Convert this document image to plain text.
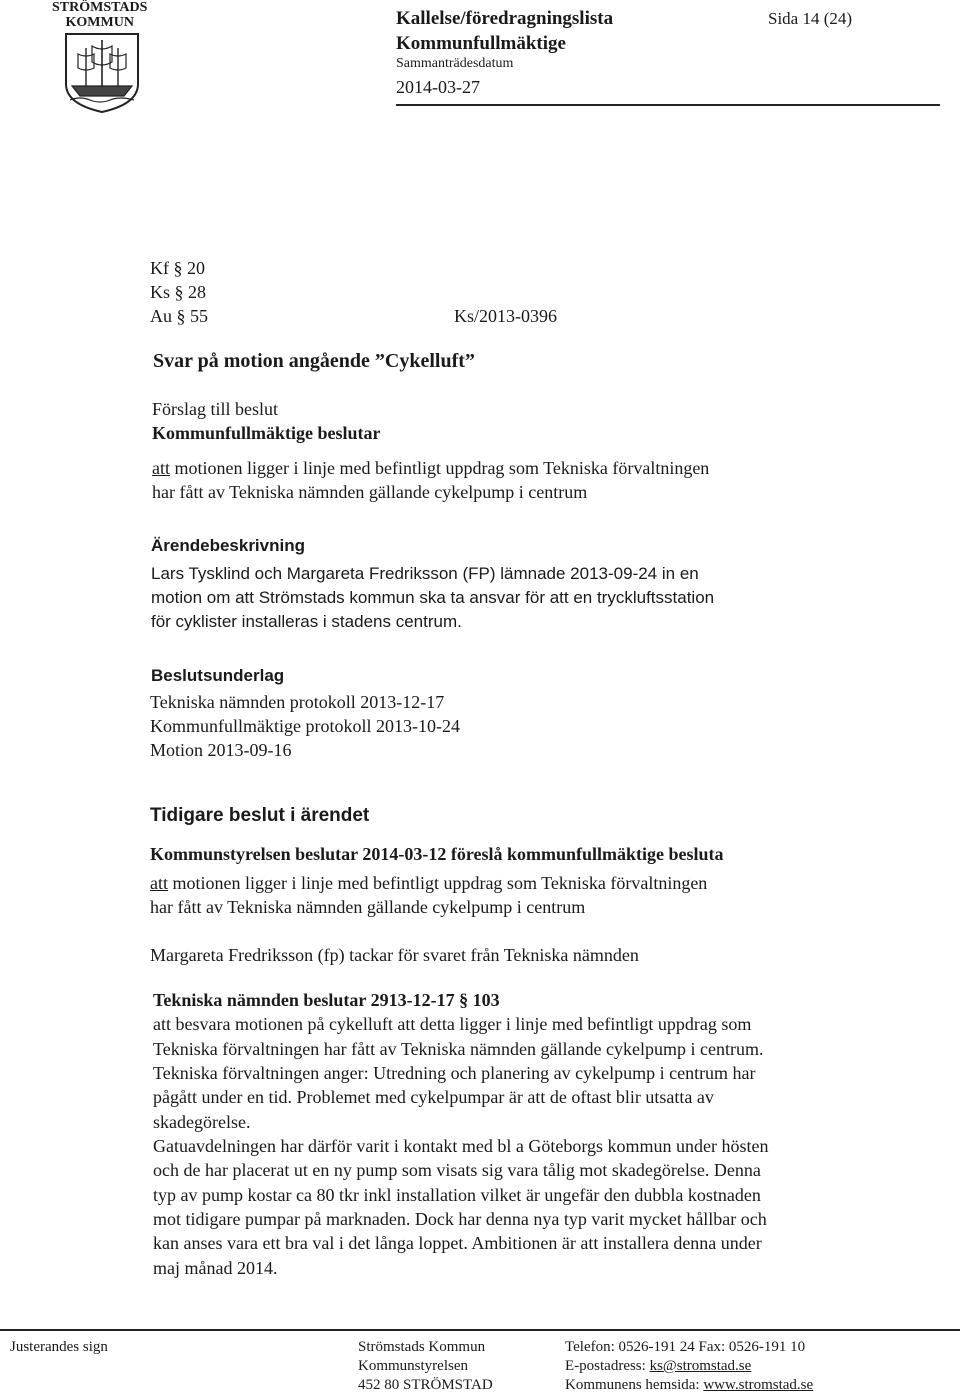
STRÖMSTADS
KOMMUN	Kallelse/föredragningslista
Kommunfullmäktige
Sammanträdesdatum
2014-03-27
Sida 14 (24)
Kf § 20
Ks § 28
Au § 55	Ks/2013-0396
Svar på motion angående ”Cykelluft”
Förslag till beslut
Kommunfullmäktige beslutar
att motionen ligger i linje med befintligt uppdrag som Tekniska förvaltningen
har fått av Tekniska nämnden gällande cykelpump i centrum
Ärendebeskrivning
Lars Tysklind och Margareta Fredriksson (FP) lämnade 2013-09-24 in en
motion om att Strömstads kommun ska ta ansvar för att en tryckluftsstation
för cyklister installeras i stadens centrum.
Beslutsunderlag
Tekniska nämnden protokoll 2013-12-17
Kommunfullmäktige protokoll 2013-10-24
Motion 2013-09-16
Tidigare beslut i ärendet
Kommunstyrelsen beslutar 2014-03-12 föreslå kommunfullmäktige besluta
att motionen ligger i linje med befintligt uppdrag som Tekniska förvaltningen
har fått av Tekniska nämnden gällande cykelpump i centrum
Margareta Fredriksson (fp) tackar för svaret från Tekniska nämnden
Tekniska nämnden beslutar 2913-12-17 § 103
att besvara motionen på cykelluft att detta ligger i linje med befintligt uppdrag som
Tekniska förvaltningen har fått av Tekniska nämnden gällande cykelpump i centrum.
Tekniska förvaltningen anger: Utredning och planering av cykelpump i centrum har
pågått under en tid. Problemet med cykelpumpar är att de oftast blir utsatta av
skadegörelse.
Gatuavdelningen har därför varit i kontakt med bl a Göteborgs kommun under hösten
och de har placerat ut en ny pump som visats sig vara tålig mot skadegörelse. Denna
typ av pump kostar ca 80 tkr inkl installation vilket är ungefär den dubbla kostnaden
mot tidigare pumpar på marknaden. Dock har denna nya typ varit mycket hållbar och
kan anses vara ett bra val i det långa loppet. Ambitionen är att installera denna under
maj månad 2014.
Justerandes sign	Strömstads Kommun
Kommunstyrelsen
452 80 STRÖMSTAD
Telefon: 0526-191 24 Fax: 0526-191 10
E-postadress: ks@stromstad.se
Kommunens hemsida: www.stromstad.se
